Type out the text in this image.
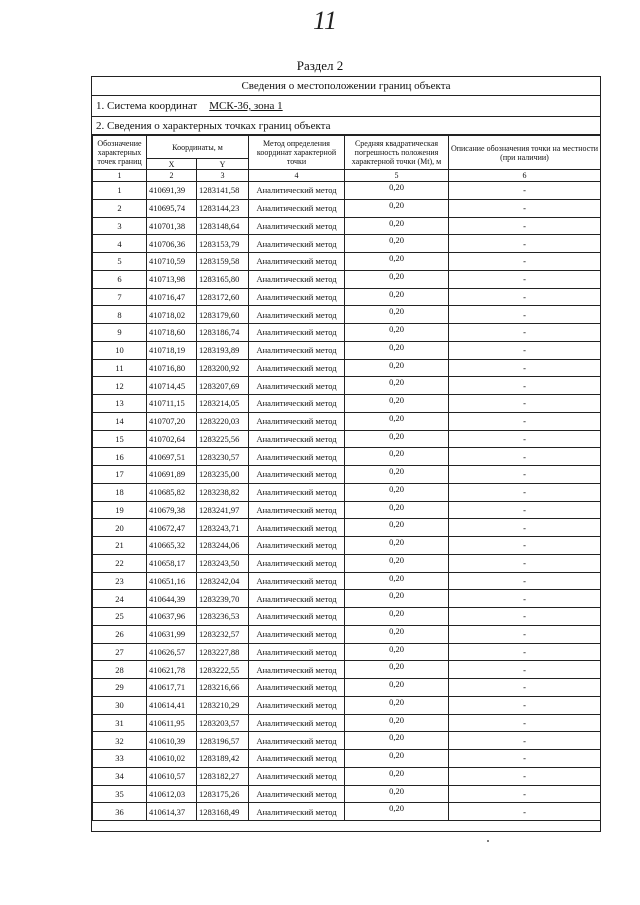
11
Раздел 2
Сведения о местоположении границ объекта
1. Система координат МСК-36, зона 1
2. Сведения о характерных точках границ объекта
Обозначение характерных точек границ	Координаты, м		Метод определения координат характерной точки	Средняя квадратическая погрешность положения характерной точки (Mt), м	Описание обозначения точки на местности (при наличии)
	X	Y			
1	2	3	4	5	6
1	410691,39	1283141,58	Аналитический метод	0,20	-
2	410695,74	1283144,23	Аналитический метод	0,20	-
3	410701,38	1283148,64	Аналитический метод	0,20	-
4	410706,36	1283153,79	Аналитический метод	0,20	-
5	410710,59	1283159,58	Аналитический метод	0,20	-
6	410713,98	1283165,80	Аналитический метод	0,20	-
7	410716,47	1283172,60	Аналитический метод	0,20	-
8	410718,02	1283179,60	Аналитический метод	0,20	-
9	410718,60	1283186,74	Аналитический метод	0,20	-
10	410718,19	1283193,89	Аналитический метод	0,20	-
11	410716,80	1283200,92	Аналитический метод	0,20	-
12	410714,45	1283207,69	Аналитический метод	0,20	-
13	410711,15	1283214,05	Аналитический метод	0,20	-
14	410707,20	1283220,03	Аналитический метод	0,20	-
15	410702,64	1283225,56	Аналитический метод	0,20	-
16	410697,51	1283230,57	Аналитический метод	0,20	-
17	410691,89	1283235,00	Аналитический метод	0,20	-
18	410685,82	1283238,82	Аналитический метод	0,20	-
19	410679,38	1283241,97	Аналитический метод	0,20	-
20	410672,47	1283243,71	Аналитический метод	0,20	-
21	410665,32	1283244,06	Аналитический метод	0,20	-
22	410658,17	1283243,50	Аналитический метод	0,20	-
23	410651,16	1283242,04	Аналитический метод	0,20	-
24	410644,39	1283239,70	Аналитический метод	0,20	-
25	410637,96	1283236,53	Аналитический метод	0,20	-
26	410631,99	1283232,57	Аналитический метод	0,20	-
27	410626,57	1283227,88	Аналитический метод	0,20	-
28	410621,78	1283222,55	Аналитический метод	0,20	-
29	410617,71	1283216,66	Аналитический метод	0,20	-
30	410614,41	1283210,29	Аналитический метод	0,20	-
31	410611,95	1283203,57	Аналитический метод	0,20	-
32	410610,39	1283196,57	Аналитический метод	0,20	-
33	410610,02	1283189,42	Аналитический метод	0,20	-
34	410610,57	1283182,27	Аналитический метод	0,20	-
35	410612,03	1283175,26	Аналитический метод	0,20	-
36	410614,37	1283168,49	Аналитический метод	0,20	-
